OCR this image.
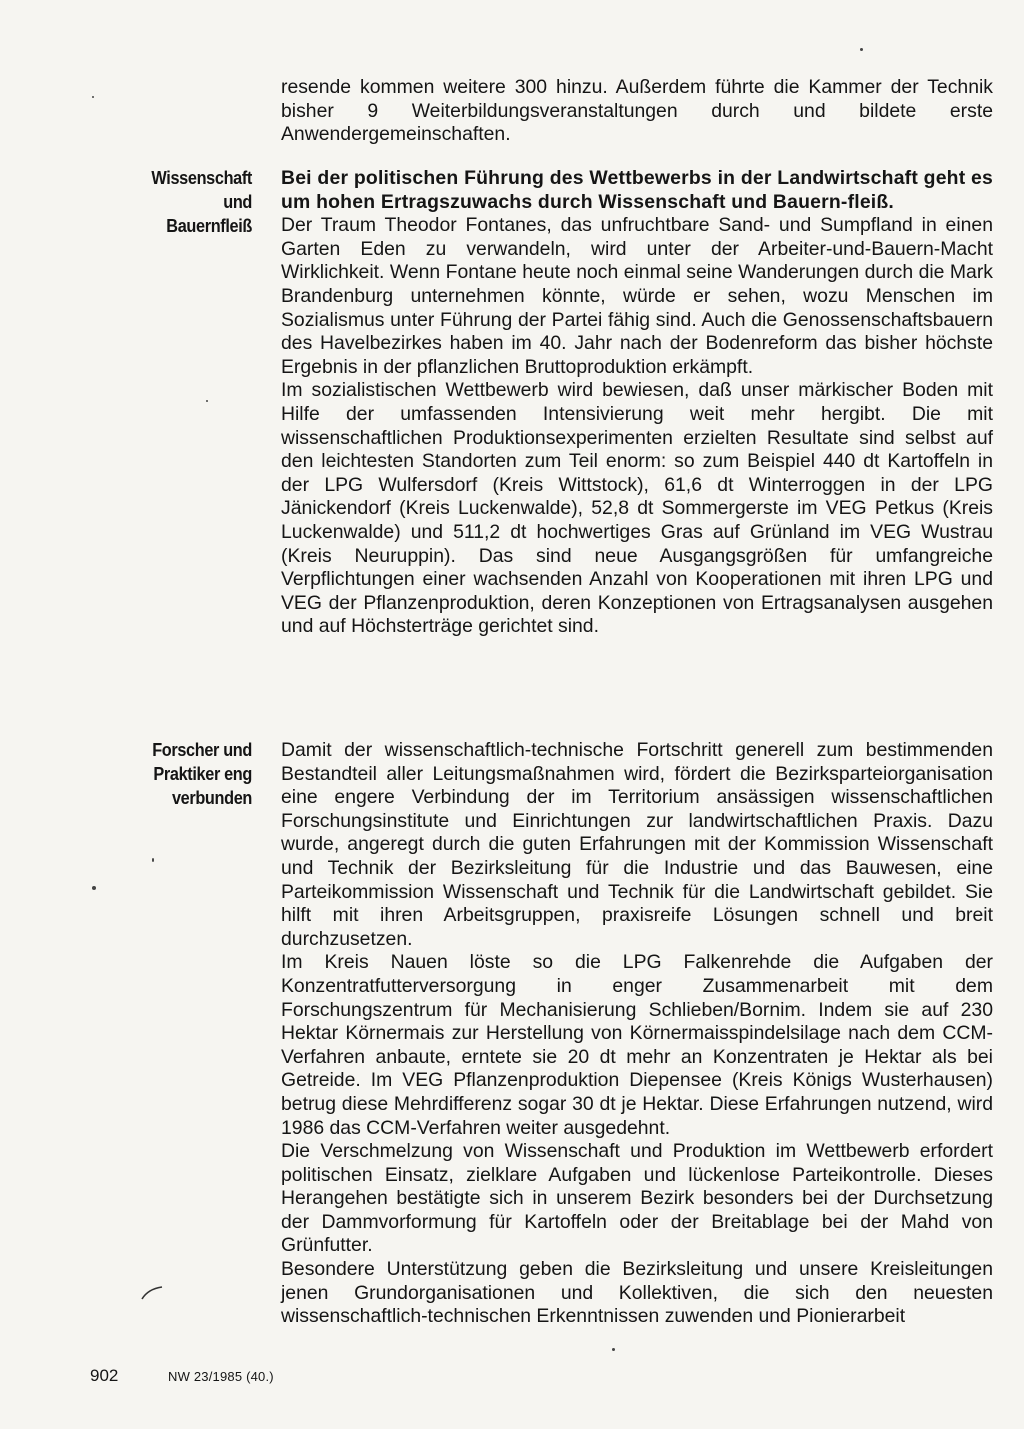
resende kommen weitere 300 hinzu. Außerdem führte die Kammer der Technik bisher 9 Weiterbildungsveranstaltungen durch und bildete erste Anwendergemeinschaften.

Wissenschaft
und
Bauernfleiß

Bei der politischen Führung des Wettbewerbs in der Landwirtschaft geht es um hohen Ertragszuwachs durch Wissenschaft und Bauern-fleiß.

Der Traum Theodor Fontanes, das unfruchtbare Sand- und Sumpfland in einen Garten Eden zu verwandeln, wird unter der Arbeiter-und-Bauern-Macht Wirklichkeit. Wenn Fontane heute noch einmal seine Wanderungen durch die Mark Brandenburg unternehmen könnte, würde er sehen, wozu Menschen im Sozialismus unter Führung der Partei fähig sind. Auch die Genossenschaftsbauern des Havelbezirkes haben im 40. Jahr nach der Bodenreform das bisher höchste Ergebnis in der pflanzlichen Bruttoproduktion erkämpft.

Im sozialistischen Wettbewerb wird bewiesen, daß unser märkischer Boden mit Hilfe der umfassenden Intensivierung weit mehr hergibt. Die mit wissenschaftlichen Produktionsexperimenten erzielten Resultate sind selbst auf den leichtesten Standorten zum Teil enorm: so zum Beispiel 440 dt Kartoffeln in der LPG Wulfersdorf (Kreis Wittstock), 61,6 dt Winterroggen in der LPG Jänickendorf (Kreis Luckenwalde), 52,8 dt Sommergerste im VEG Petkus (Kreis Luckenwalde) und 511,2 dt hochwertiges Gras auf Grünland im VEG Wustrau (Kreis Neuruppin). Das sind neue Ausgangsgrößen für umfangreiche Verpflichtungen einer wachsenden Anzahl von Kooperationen mit ihren LPG und VEG der Pflanzenproduktion, deren Konzeptionen von Ertragsanalysen ausgehen und auf Höchsterträge gerichtet sind.

Forscher und
Praktiker eng
verbunden

Damit der wissenschaftlich-technische Fortschritt generell zum bestimmenden Bestandteil aller Leitungsmaßnahmen wird, fördert die Bezirksparteiorganisation eine engere Verbindung der im Territorium ansässigen wissenschaftlichen Forschungsinstitute und Einrichtungen zur landwirtschaftlichen Praxis. Dazu wurde, angeregt durch die guten Erfahrungen mit der Kommission Wissenschaft und Technik der Bezirksleitung für die Industrie und das Bauwesen, eine Parteikommission Wissenschaft und Technik für die Landwirtschaft gebildet. Sie hilft mit ihren Arbeitsgruppen, praxisreife Lösungen schnell und breit durchzusetzen.

Im Kreis Nauen löste so die LPG Falkenrehde die Aufgaben der Konzentratfutterversorgung in enger Zusammenarbeit mit dem Forschungszentrum für Mechanisierung Schlieben/Bornim. Indem sie auf 230 Hektar Körnermais zur Herstellung von Körnermaisspindelsilage nach dem CCM-Verfahren anbaute, erntete sie 20 dt mehr an Konzentraten je Hektar als bei Getreide. Im VEG Pflanzenproduktion Diepensee (Kreis Königs Wusterhausen) betrug diese Mehrdifferenz sogar 30 dt je Hektar. Diese Erfahrungen nutzend, wird 1986 das CCM-Verfahren weiter ausgedehnt.

Die Verschmelzung von Wissenschaft und Produktion im Wettbewerb erfordert politischen Einsatz, zielklare Aufgaben und lückenlose Parteikontrolle. Dieses Herangehen bestätigte sich in unserem Bezirk besonders bei der Durchsetzung der Dammvorformung für Kartoffeln oder der Breitablage bei der Mahd von Grünfutter.

Besondere Unterstützung geben die Bezirksleitung und unsere Kreisleitungen jenen Grundorganisationen und Kollektiven, die sich den neuesten wissenschaftlich-technischen Erkenntnissen zuwenden und Pionierarbeit

902	NW 23/1985 (40.)
